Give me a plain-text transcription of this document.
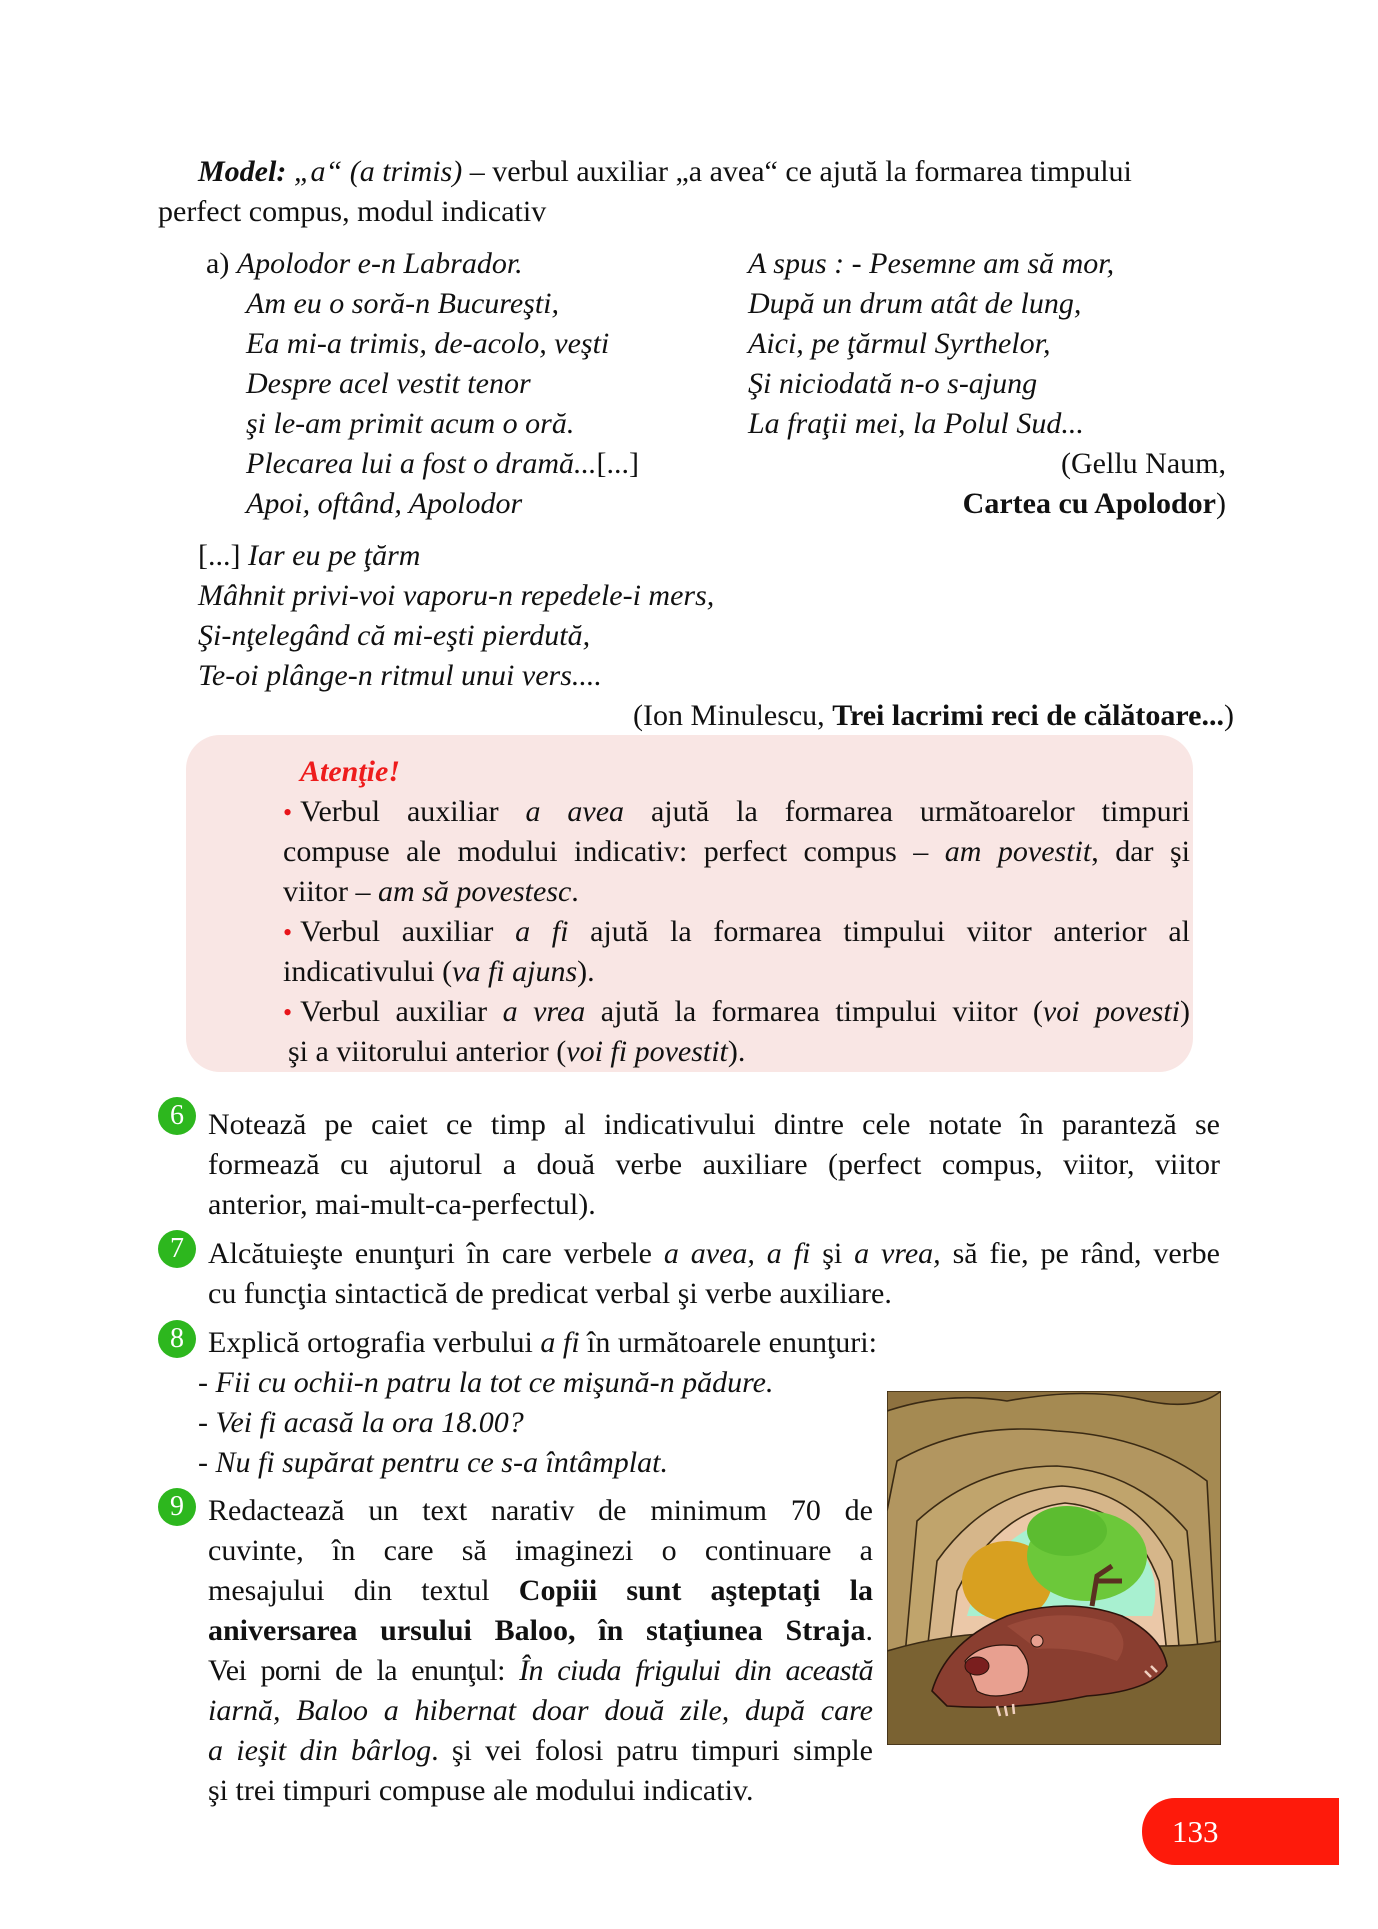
Model: „a“ (a trimis) – verbul auxiliar „a avea“ ce ajută la formarea timpului
perfect compus, modul indicativ
a) Apolodor e-n Labrador.
Am eu o soră-n Bucureşti,
Ea mi-a trimis, de-acolo, veşti
Despre acel vestit tenor
şi le-am primit acum o oră.
Plecarea lui a fost o dramă...[...]
Apoi, oftând, Apolodor
A spus : - Pesemne am să mor,
După un drum atât de lung,
Aici, pe ţărmul Syrthelor,
Şi niciodată n-o s-ajung
La fraţii mei, la Polul Sud...
(Gellu Naum,
Cartea cu Apolodor)
[...] Iar eu pe ţărm
Mâhnit privi-voi vaporu-n repedele-i mers,
Şi-nţelegând că mi-eşti pierdută,
Te-oi plânge-n ritmul unui vers....
(Ion Minulescu, Trei lacrimi reci de călătoare...)
Atenţie!
• Verbul auxiliar a avea ajută la formarea următoarelor timpuri
compuse ale modului indicativ: perfect compus – am povestit, dar şi
viitor – am să povestesc.
• Verbul auxiliar a fi ajută la formarea timpului viitor anterior al
indicativului (va fi ajuns).
• Verbul auxiliar a vrea ajută la formarea timpului viitor (voi povesti)
şi a viitorului anterior (voi fi povestit).
6 Notează pe caiet ce timp al indicativului dintre cele notate în paranteză se
formează cu ajutorul a două verbe auxiliare (perfect compus, viitor, viitor
anterior, mai-mult-ca-perfectul).
7 Alcătuieşte enunţuri în care verbele a avea, a fi şi a vrea, să fie, pe rând, verbe
cu funcţia sintactică de predicat verbal şi verbe auxiliare.
8 Explică ortografia verbului a fi în următoarele enunţuri:
- Fii cu ochii-n patru la tot ce mişună-n pădure.
- Vei fi acasă la ora 18.00?
- Nu fi supărat pentru ce s-a întâmplat.
9 Redactează un text narativ de minimum 70 de
cuvinte, în care să imaginezi o continuare a
mesajului din textul Copiii sunt aşteptaţi la
aniversarea ursului Baloo, în staţiunea Straja.
Vei porni de la enunţul: În ciuda frigului din această
iarnă, Baloo a hibernat doar două zile, după care
a ieşit din bârlog. şi vei folosi patru timpuri simple
şi trei timpuri compuse ale modului indicativ.
133
